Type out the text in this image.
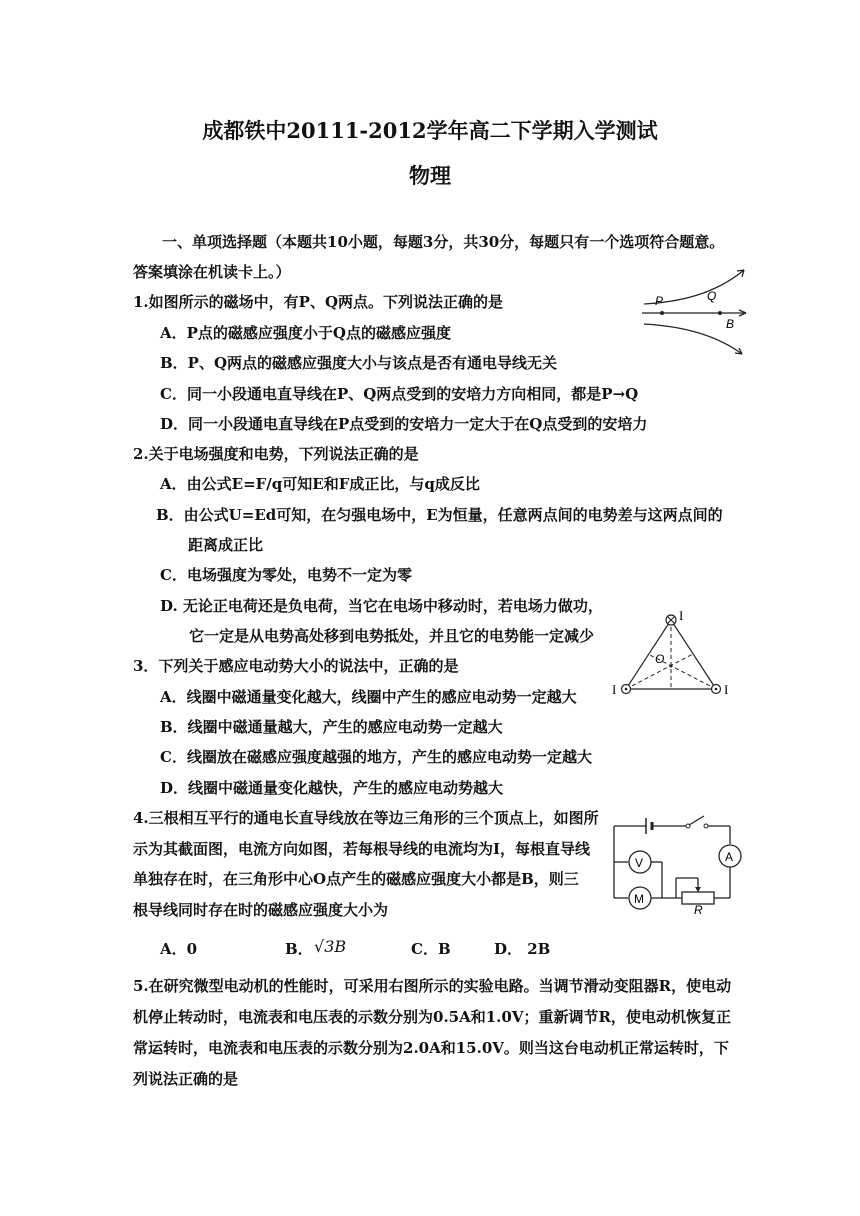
成都铁中20111-2012学年高二下学期入学测试
物理
一、单项选择题（本题共10小题，每题3分，共30分，每题只有一个选项符合题意。
答案填涂在机读卡上。）
1.如图所示的磁场中，有P、Q两点。下列说法正确的是
A．P点的磁感应强度小于Q点的磁感应强度
B．P、Q两点的磁感应强度大小与该点是否有通电导线无关
C．同一小段通电直导线在P、Q两点受到的安培力方向相同，都是P→Q
D．同一小段通电直导线在P点受到的安培力一定大于在Q点受到的安培力
P	Q
B
2.关于电场强度和电势，下列说法正确的是
A．由公式E=F/q可知E和F成正比，与q成反比
B．由公式U=Ed可知，在匀强电场中，E为恒量，任意两点间的电势差与这两点间的
距离成正比
C．电场强度为零处，电势不一定为零
D. 无论正电荷还是负电荷，当它在电场中移动时，若电场力做功，
它一定是从电势高处移到电势抵处，并且它的电势能一定减少
I
I	I
O
3．下列关于感应电动势大小的说法中，正确的是
A．线圈中磁通量变化越大，线圈中产生的感应电动势一定越大
B．线圈中磁通量越大，产生的感应电动势一定越大
C．线圈放在磁感应强度越强的地方，产生的感应电动势一定越大
D．线圈中磁通量变化越快，产生的感应电动势越大
4.三根相互平行的通电长直导线放在等边三角形的三个顶点上，如图所
示为其截面图，电流方向如图，若每根导线的电流均为I，每根直导线
单独存在时，在三角形中心O点产生的磁感应强度大小都是B，则三
根导线同时存在时的磁感应强度大小为
A．0	B． √3B	C．B	D． 2B
A
V
M
R
5.在研究微型电动机的性能时，可采用右图所示的实验电路。当调节滑动变阻器R，使电动
机停止转动时，电流表和电压表的示数分别为0.5A和1.0V；重新调节R，使电动机恢复正
常运转时，电流表和电压表的示数分别为2.0A和15.0V。则当这台电动机正常运转时，下
列说法正确的是
